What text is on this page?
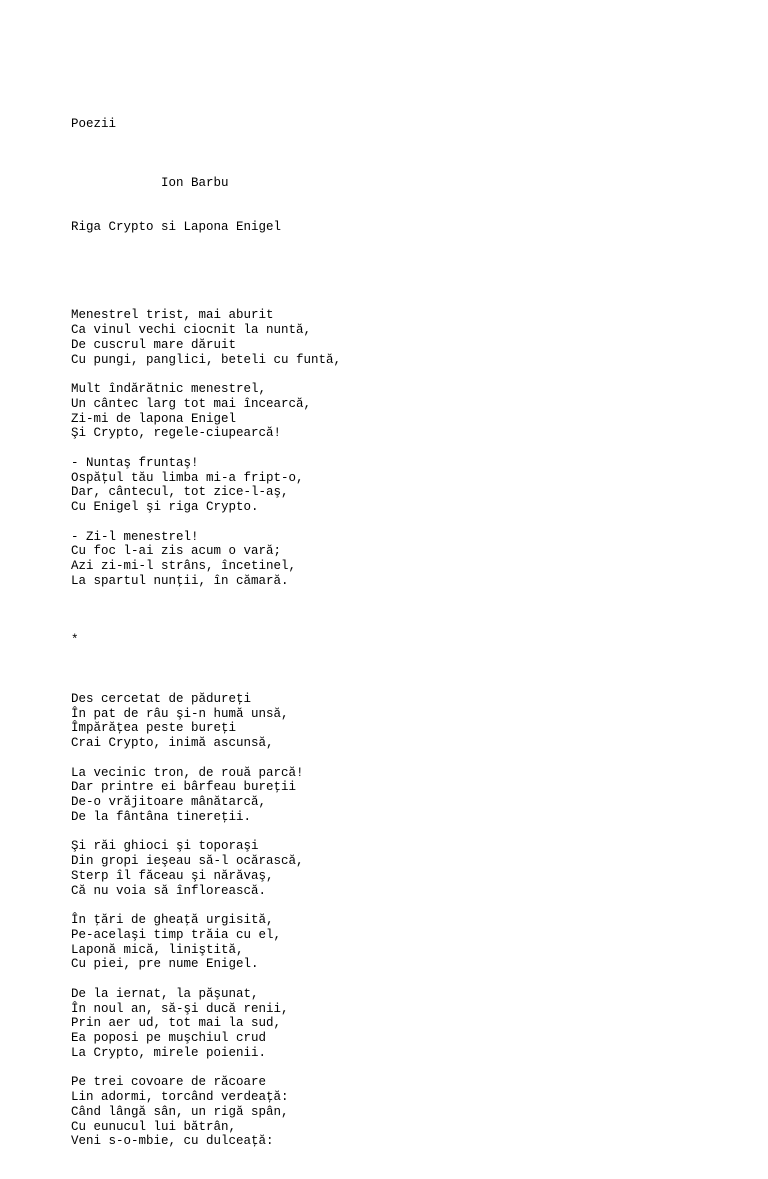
Poezii

Ion Barbu

Riga Crypto si Lapona Enigel

Menestrel trist, mai aburit
Ca vinul vechi ciocnit la nuntă,
De cuscrul mare dăruit
Cu pungi, panglici, beteli cu funtă,
Mult îndărătnic menestrel,
Un cântec larg tot mai încearcă,
Zi-mi de lapona Enigel
Şi Crypto, regele-ciupearcă!
- Nuntaş fruntaş!
Ospăţul tău limba mi-a fript-o,
Dar, cântecul, tot zice-l-aş,
Cu Enigel şi riga Crypto.
- Zi-l menestrel!
Cu foc l-ai zis acum o vară;
Azi zi-mi-l strâns, încetinel,
La spartul nunţii, în cămară.

*

Des cercetat de pădureţi
În pat de râu şi-n humă unsă,
Împărăţea peste bureţi
Crai Crypto, inimă ascunsă,
La vecinic tron, de rouă parcă!
Dar printre ei bârfeau bureţii
De-o vrăjitoare mânătarcă,
De la fântâna tinereţii.
Şi răi ghioci şi toporaşi
Din gropi ieşeau să-l ocărască,
Sterp îl făceau şi nărăvaş,
Că nu voia să înflorească.
În ţări de gheaţă urgisită,
Pe-acelaşi timp trăia cu el,
Laponă mică, liniştită,
Cu piei, pre nume Enigel.
De la iernat, la păşunat,
În noul an, să-şi ducă renii,
Prin aer ud, tot mai la sud,
Ea poposi pe muşchiul crud
La Crypto, mirele poienii.
Pe trei covoare de răcoare
Lin adormi, torcând verdeaţă:
Când lângă sân, un rigă spân,
Cu eunucul lui bătrân,
Veni s-o-mbie, cu dulceaţă:
